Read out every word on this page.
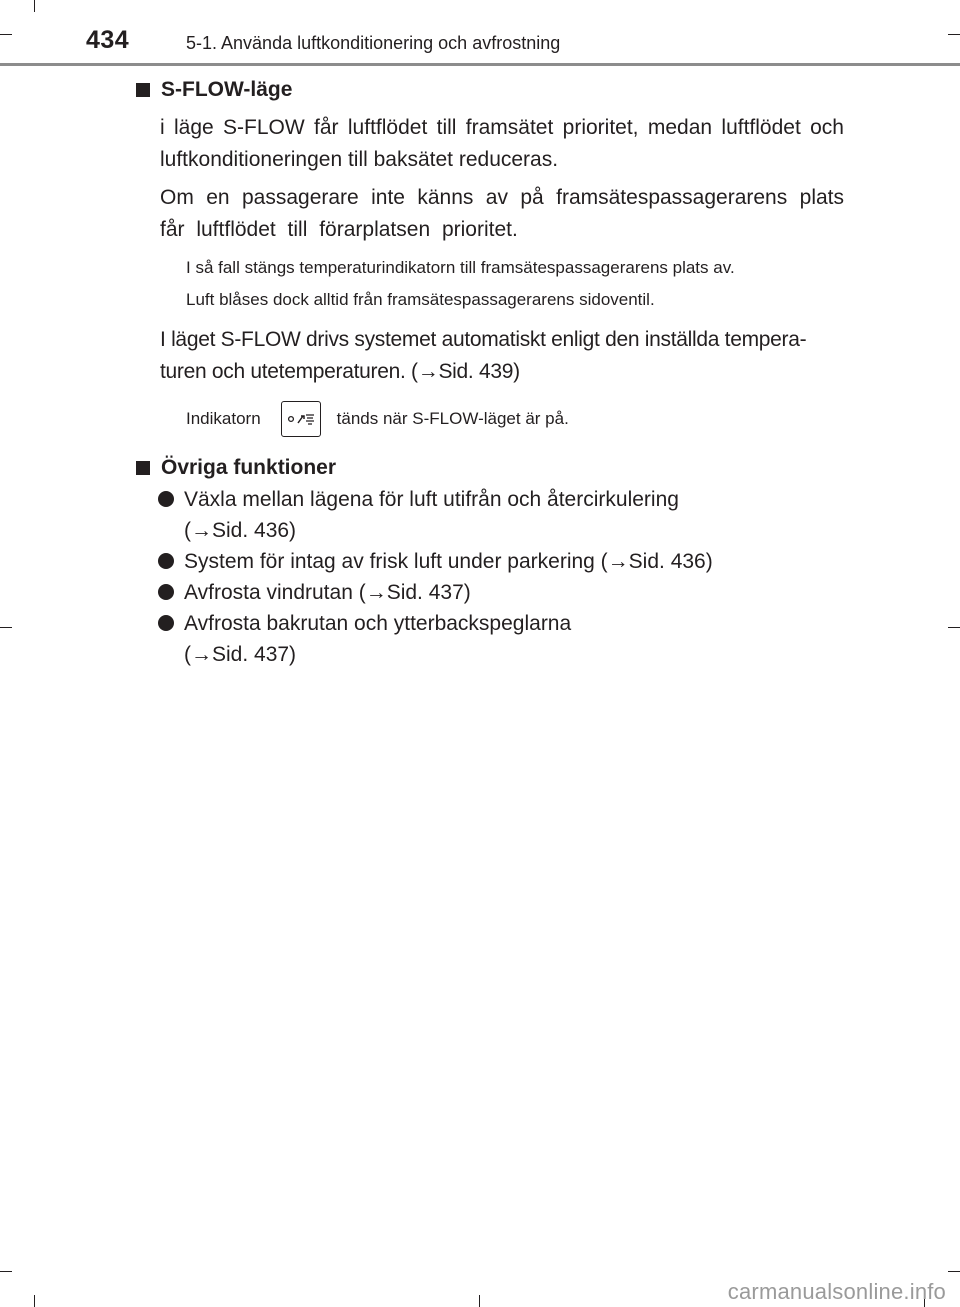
434	5-1. Använda luftkonditionering och avfrostning
S-FLOW-läge
i läge S-FLOW får luftflödet till framsätet prioritet, medan luftflödet och luftkonditioneringen till baksätet reduceras.
Om en passagerare inte känns av på framsätespassagerarens plats får luftflödet till förarplatsen prioritet.
I så fall stängs temperaturindikatorn till framsätespassagerarens plats av.
Luft blåses dock alltid från framsätespassagerarens sidoventil.
I läget S-FLOW drivs systemet automatiskt enligt den inställda tempera-
turen och utetemperaturen. (→Sid. 439)
Indikatorn	tänds när S-FLOW-läget är på.
Övriga funktioner
Växla mellan lägena för luft utifrån och återcirkulering
(→Sid. 436)
System för intag av frisk luft under parkering (→Sid. 436)
Avfrosta vindrutan (→Sid. 437)
Avfrosta bakrutan och ytterbackspeglarna
(→Sid. 437)
carmanualsonline.info
